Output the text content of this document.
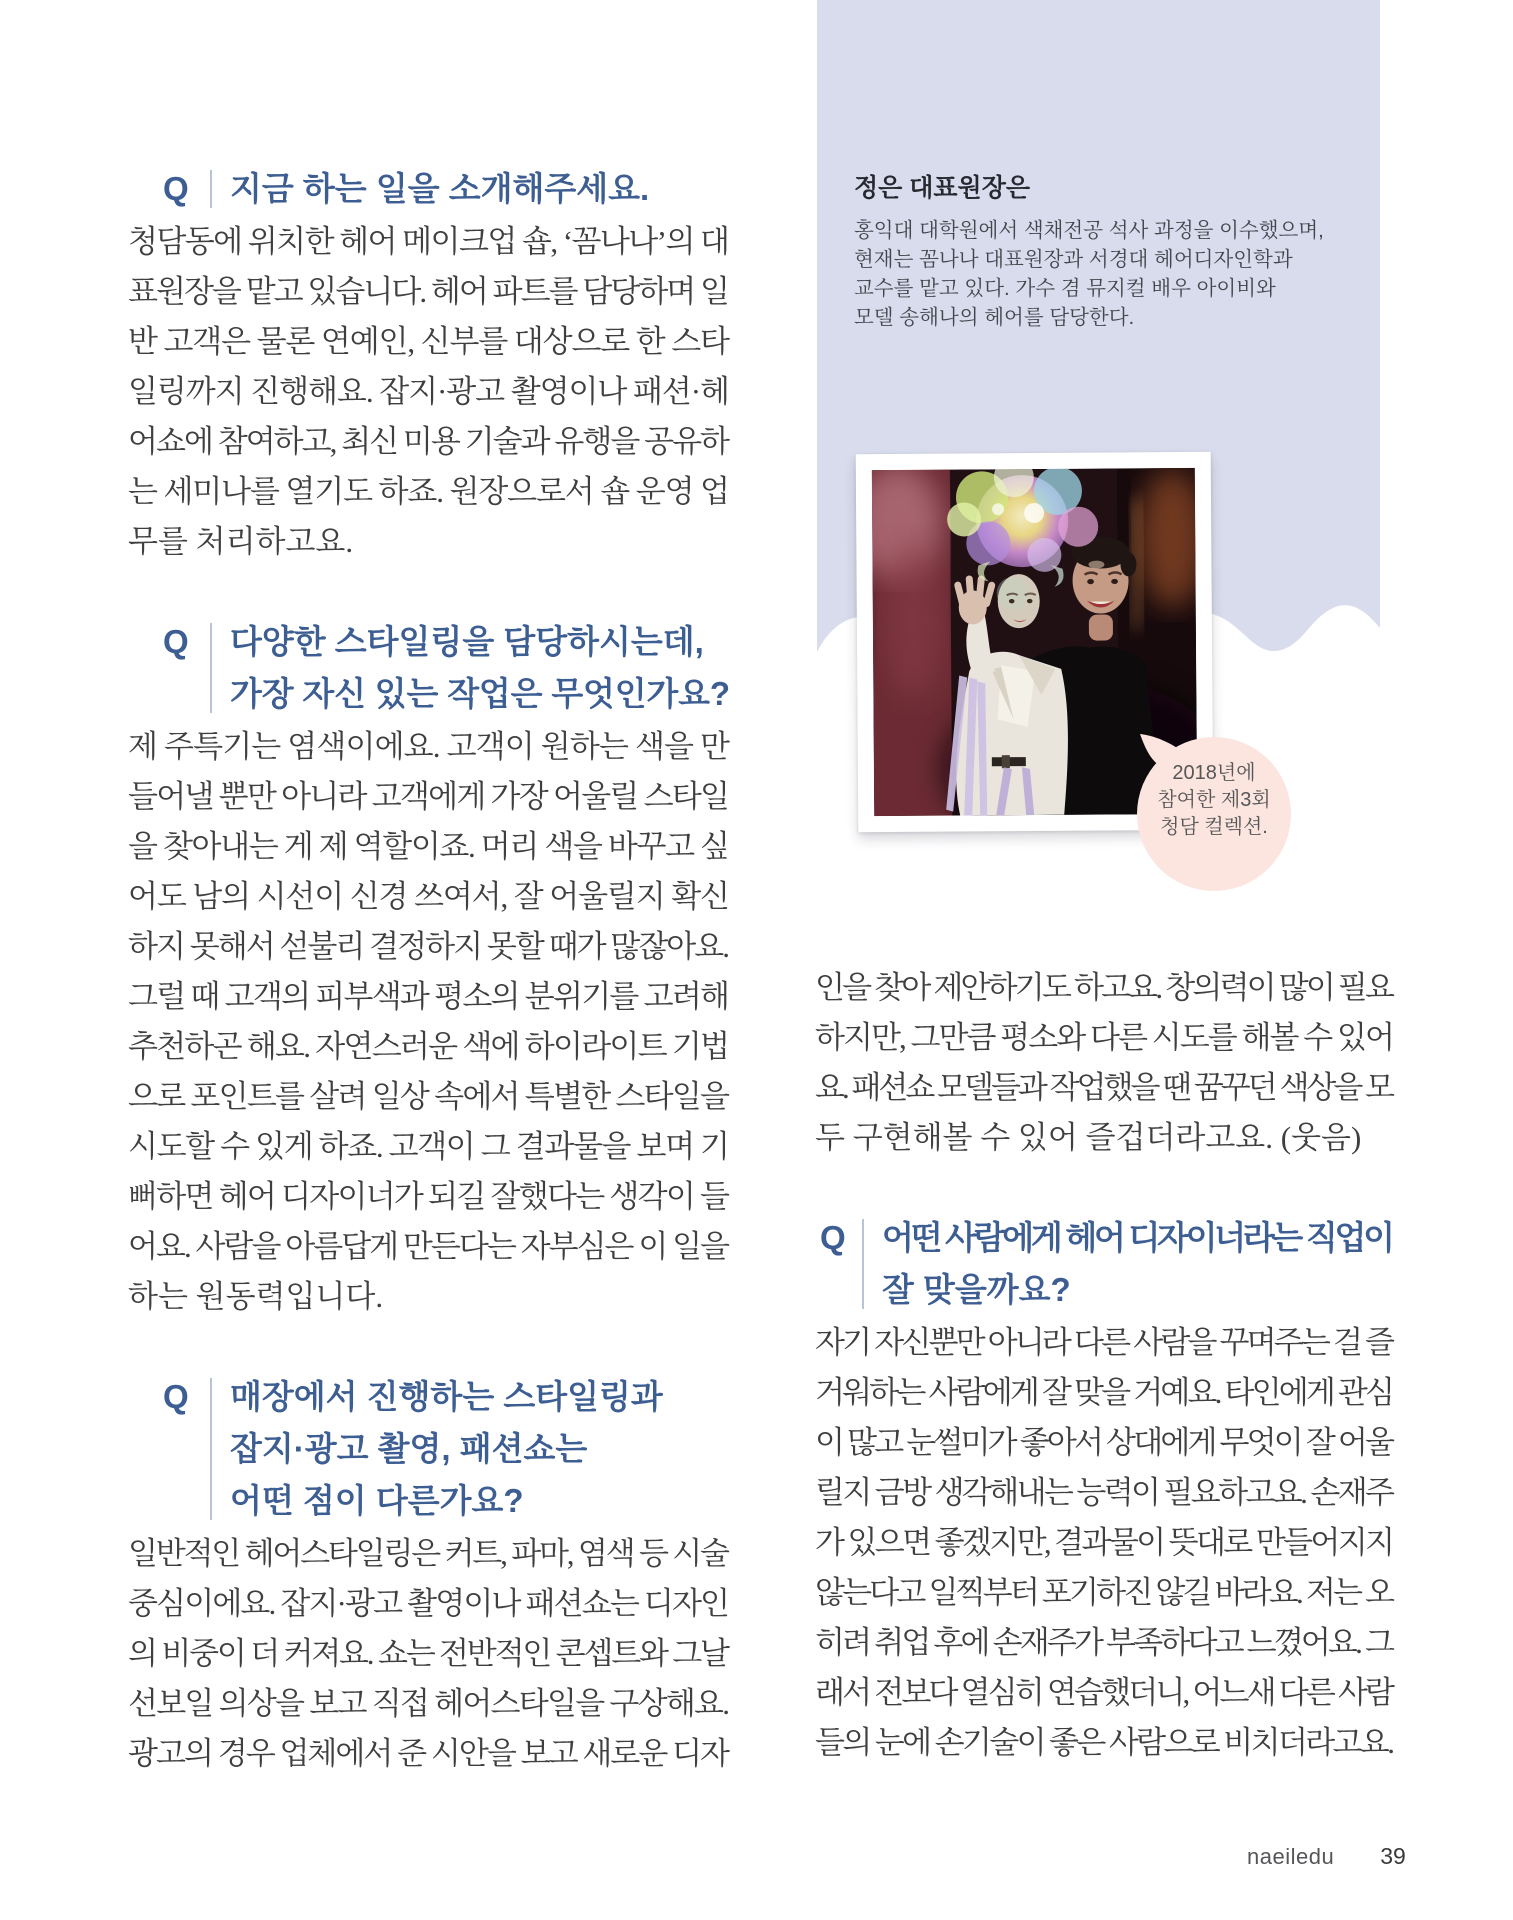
정은 대표원장은
홍익대 대학원에서 색채전공 석사 과정을 이수했으며,
현재는 꼼나나 대표원장과 서경대 헤어디자인학과
교수를 맡고 있다. 가수 겸 뮤지컬 배우 아이비와
모델 송해나의 헤어를 담당한다.
2018년에
참여한 제3회
청담 컬렉션.
Q 지금 하는 일을 소개해주세요.
청담동에 위치한 헤어 메이크업 숍, ‘꼼나나’의 대
표원장을 맡고 있습니다. 헤어 파트를 담당하며 일
반 고객은 물론 연예인, 신부를 대상으로 한 스타
일링까지 진행해요. 잡지·광고 촬영이나 패션·헤
어쇼에 참여하고, 최신 미용 기술과 유행을 공유하
는 세미나를 열기도 하죠. 원장으로서 숍 운영 업
무를 처리하고요.
Q 다양한 스타일링을 담당하시는데,
가장 자신 있는 작업은 무엇인가요?
제 주특기는 염색이에요. 고객이 원하는 색을 만
들어낼 뿐만 아니라 고객에게 가장 어울릴 스타일
을 찾아내는 게 제 역할이죠. 머리 색을 바꾸고 싶
어도 남의 시선이 신경 쓰여서, 잘 어울릴지 확신
하지 못해서 섣불리 결정하지 못할 때가 많잖아요.
그럴 때 고객의 피부색과 평소의 분위기를 고려해
추천하곤 해요. 자연스러운 색에 하이라이트 기법
으로 포인트를 살려 일상 속에서 특별한 스타일을
시도할 수 있게 하죠. 고객이 그 결과물을 보며 기
뻐하면 헤어 디자이너가 되길 잘했다는 생각이 들
어요. 사람을 아름답게 만든다는 자부심은 이 일을
하는 원동력입니다.
Q 매장에서 진행하는 스타일링과
잡지·광고 촬영, 패션쇼는
어떤 점이 다른가요?
일반적인 헤어스타일링은 커트, 파마, 염색 등 시술
중심이에요. 잡지·광고 촬영이나 패션쇼는 디자인
의 비중이 더 커져요. 쇼는 전반적인 콘셉트와 그날
선보일 의상을 보고 직접 헤어스타일을 구상해요.
광고의 경우 업체에서 준 시안을 보고 새로운 디자
인을 찾아 제안하기도 하고요. 창의력이 많이 필요
하지만, 그만큼 평소와 다른 시도를 해볼 수 있어
요. 패션쇼 모델들과 작업했을 땐 꿈꾸던 색상을 모
두 구현해볼 수 있어 즐겁더라고요. (웃음)
Q 어떤 사람에게 헤어 디자이너라는 직업이
잘 맞을까요?
자기 자신뿐만 아니라 다른 사람을 꾸며주는 걸 즐
거워하는 사람에게 잘 맞을 거예요. 타인에게 관심
이 많고 눈썰미가 좋아서 상대에게 무엇이 잘 어울
릴지 금방 생각해내는 능력이 필요하고요. 손재주
가 있으면 좋겠지만, 결과물이 뜻대로 만들어지지
않는다고 일찍부터 포기하진 않길 바라요. 저는 오
히려 취업 후에 손재주가 부족하다고 느꼈어요. 그
래서 전보다 열심히 연습했더니, 어느새 다른 사람
들의 눈에 손기술이 좋은 사람으로 비치더라고요.
naeiledu 39
